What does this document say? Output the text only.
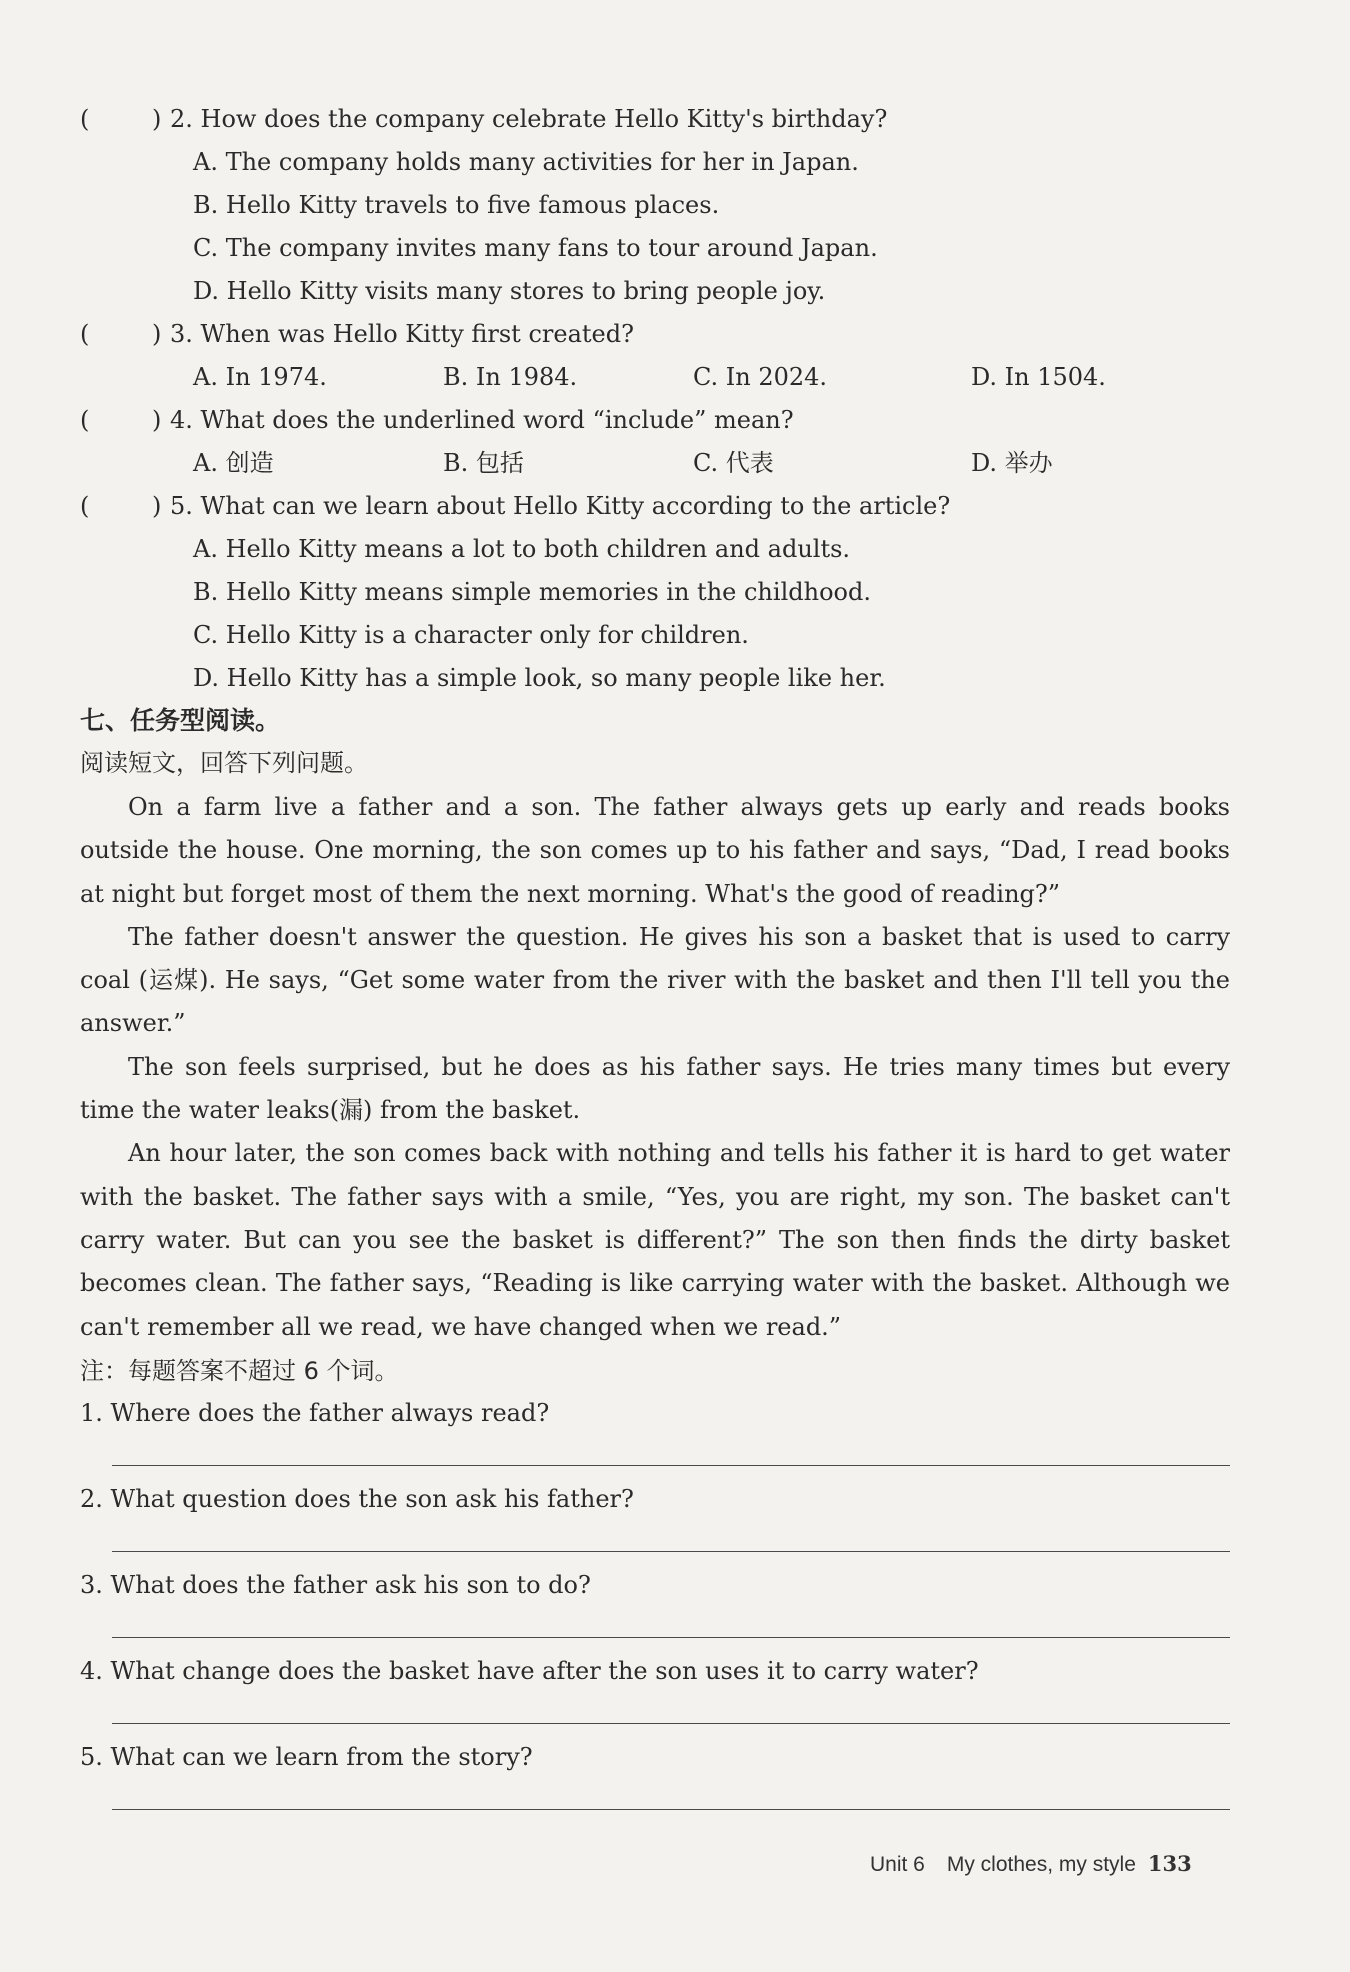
(	) 2. How does the company celebrate Hello Kitty's birthday?
A. The company holds many activities for her in Japan.
B. Hello Kitty travels to five famous places.
C. The company invites many fans to tour around Japan.
D. Hello Kitty visits many stores to bring people joy.
(	) 3. When was Hello Kitty first created?
A. In 1974.	B. In 1984.	C. In 2024.	D. In 1504.
(	) 4. What does the underlined word “include” mean?
A. 创造	B. 包括	C. 代表	D. 举办
(	) 5. What can we learn about Hello Kitty according to the article?
A. Hello Kitty means a lot to both children and adults.
B. Hello Kitty means simple memories in the childhood.
C. Hello Kitty is a character only for children.
D. Hello Kitty has a simple look, so many people like her.
七、任务型阅读。
阅读短文，回答下列问题。

On a farm live a father and a son. The father always gets up early and reads books outside the house. One morning, the son comes up to his father and says, “Dad, I read books at night but forget most of them the next morning. What's the good of reading?”

The father doesn't answer the question. He gives his son a basket that is used to carry coal (运煤). He says, “Get some water from the river with the basket and then I'll tell you the answer.”

The son feels surprised, but he does as his father says. He tries many times but every time the water leaks(漏) from the basket.

An hour later, the son comes back with nothing and tells his father it is hard to get water with the basket. The father says with a smile, “Yes, you are right, my son. The basket can't carry water. But can you see the basket is different?” The son then finds the dirty basket becomes clean. The father says, “Reading is like carrying water with the basket. Although we can't remember all we read, we have changed when we read.”

注：每题答案不超过 6 个词。
1. Where does the father always read?
2. What question does the son ask his father?
3. What does the father ask his son to do?
4. What change does the basket have after the son uses it to carry water?
5. What can we learn from the story?
Unit 6 My clothes, my style 133
